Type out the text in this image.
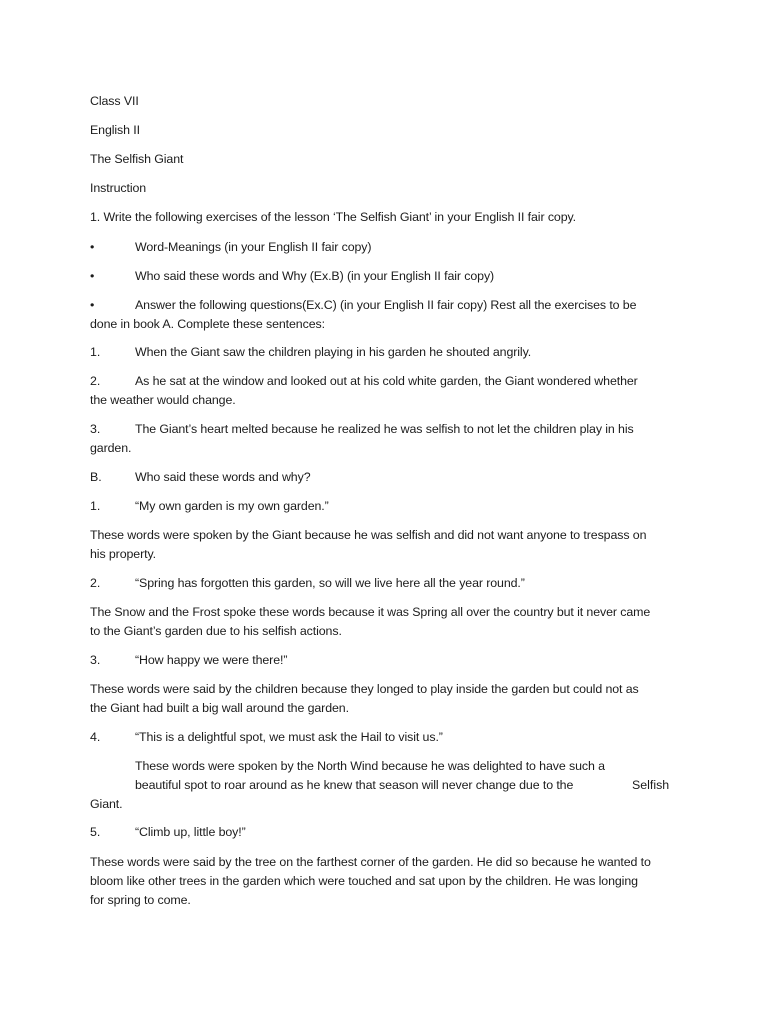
Class VII

English II

The Selfish Giant

Instruction

1. Write the following exercises of the lesson ‘The Selfish Giant’ in your English II fair copy.

•	Word-Meanings (in your English II fair copy)

•	Who said these words and Why (Ex.B) (in your English II fair copy)

•	Answer the following questions(Ex.C) (in your English II fair copy) Rest all the exercises to be

done in book A. Complete these sentences:

1.	When the Giant saw the children playing in his garden he shouted angrily.

2.	As he sat at the window and looked out at his cold white garden, the Giant wondered whether

the weather would change.

3.	The Giant’s heart melted because he realized he was selfish to not let the children play in his

garden.

B.	Who said these words and why?

1.	“My own garden is my own garden.”

These words were spoken by the Giant because he was selfish and did not want anyone to trespass on

his property.

2.	“Spring has forgotten this garden, so will we live here all the year round.”

The Snow and the Frost spoke these words because it was Spring all over the country but it never came

to the Giant’s garden due to his selfish actions.

3.	“How happy we were there!”

These words were said by the children because they longed to play inside the garden but could not as

the Giant had built a big wall around the garden.

4.	“This is a delightful spot, we must ask the Hail to visit us.”

These words were spoken by the North Wind because he was delighted to have such a

beautiful spot to roar around as he knew that season will never change due to the	Selfish

Giant.

5.	“Climb up, little boy!”

These words were said by the tree on the farthest corner of the garden. He did so because he wanted to

bloom like other trees in the garden which were touched and sat upon by the children. He was longing

for spring to come.
